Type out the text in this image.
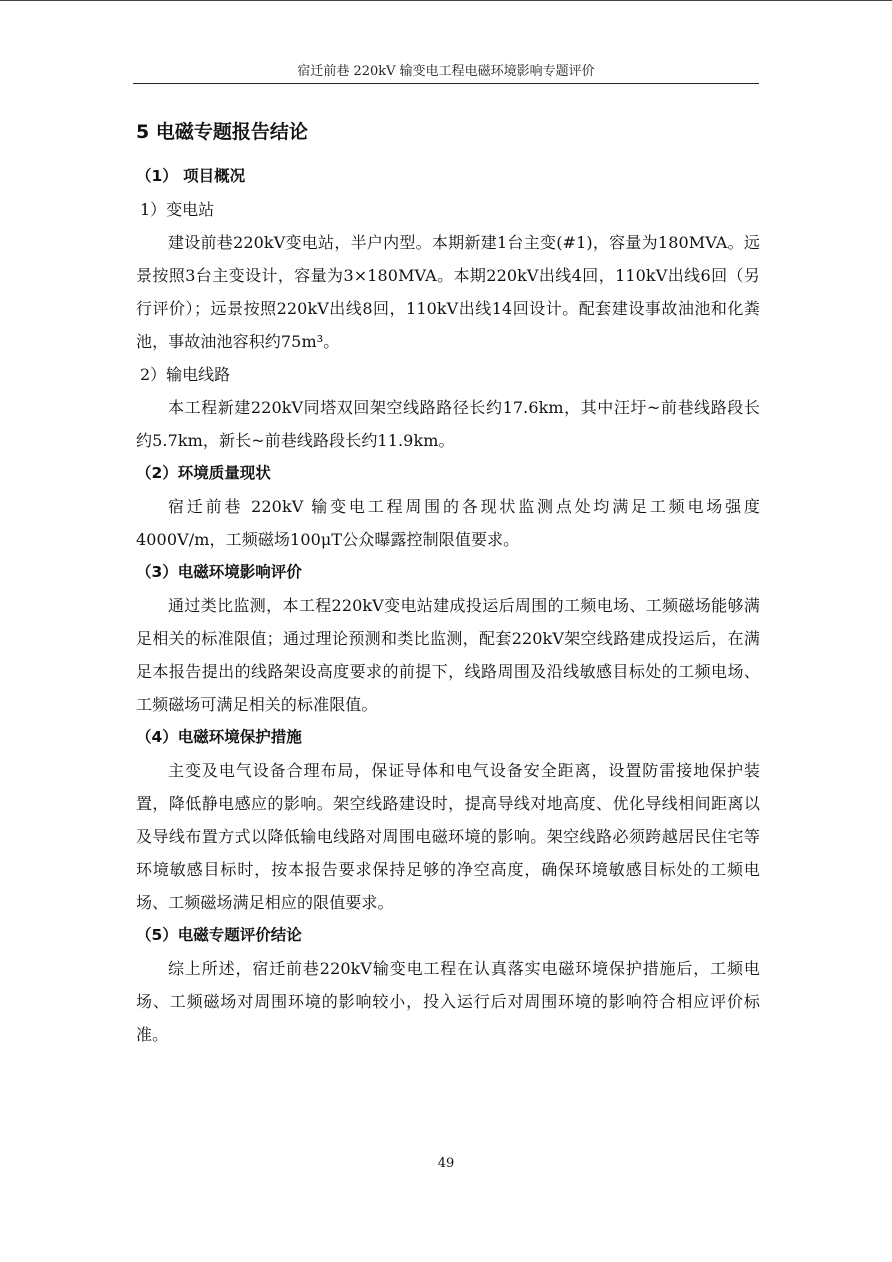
宿迁前巷 220kV 输变电工程电磁环境影响专题评价
5 电磁专题报告结论
（1） 项目概况
1）变电站

建设前巷220kV变电站，半户内型。本期新建1台主变(#1)，容量为180MVA。远景按照3台主变设计，容量为3×180MVA。本期220kV出线4回，110kV出线6回（另行评价）；远景按照220kV出线8回，110kV出线14回设计。配套建设事故油池和化粪池，事故油池容积约75m³。

2）输电线路

本工程新建220kV同塔双回架空线路路径长约17.6km，其中汪圩~前巷线路段长约5.7km，新长~前巷线路段长约11.9km。

（2）环境质量现状

宿迁前巷 220kV 输变电工程周围的各现状监测点处均满足工频电场强度4000V/m，工频磁场100μT公众曝露控制限值要求。

（3）电磁环境影响评价

通过类比监测，本工程220kV变电站建成投运后周围的工频电场、工频磁场能够满足相关的标准限值；通过理论预测和类比监测，配套220kV架空线路建成投运后，在满足本报告提出的线路架设高度要求的前提下，线路周围及沿线敏感目标处的工频电场、工频磁场可满足相关的标准限值。

（4）电磁环境保护措施

主变及电气设备合理布局，保证导体和电气设备安全距离，设置防雷接地保护装置，降低静电感应的影响。架空线路建设时，提高导线对地高度、优化导线相间距离以及导线布置方式以降低输电线路对周围电磁环境的影响。架空线路必须跨越居民住宅等环境敏感目标时，按本报告要求保持足够的净空高度，确保环境敏感目标处的工频电场、工频磁场满足相应的限值要求。

（5）电磁专题评价结论

综上所述，宿迁前巷220kV输变电工程在认真落实电磁环境保护措施后，工频电场、工频磁场对周围环境的影响较小，投入运行后对周围环境的影响符合相应评价标准。

49
